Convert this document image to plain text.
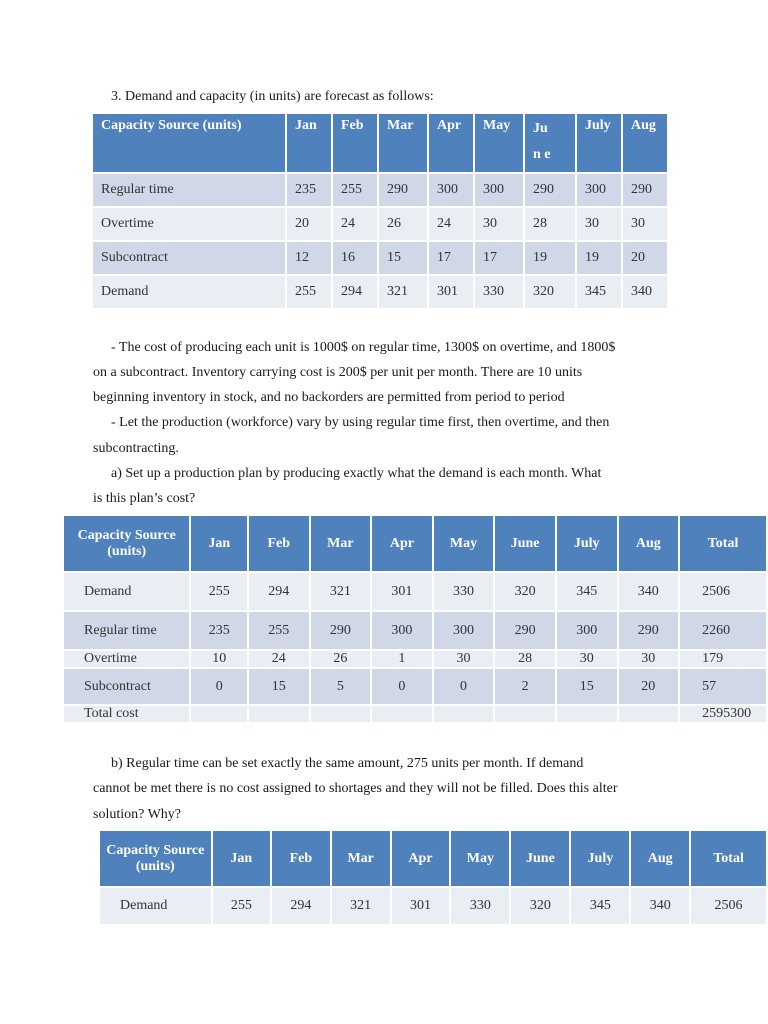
3. Demand and capacity (in units) are forecast as follows:
Capacity Source (units)	Jan	Feb	Mar	Apr	May	Jun e	July	Aug
Regular time	235	255	290	300	300	290	300	290
Overtime	20	24	26	24	30	28	30	30
Subcontract	12	16	15	17	17	19	19	20
Demand	255	294	321	301	330	320	345	340
- The cost of producing each unit is 1000$ on regular time, 1300$ on overtime, and 1800$
on a subcontract. Inventory carrying cost is 200$ per unit per month. There are 10 units
beginning inventory in stock, and no backorders are permitted from period to period
- Let the production (workforce) vary by using regular time first, then overtime, and then
subcontracting.
a) Set up a production plan by producing exactly what the demand is each month. What
is this plan’s cost?
Capacity Source (units)	Jan	Feb	Mar	Apr	May	June	July	Aug	Total
Demand	255	294	321	301	330	320	345	340	2506
Regular time	235	255	290	300	300	290	300	290	2260
Overtime	10	24	26	1	30	28	30	30	179
Subcontract	0	15	5	0	0	2	15	20	57
Total cost									2595300
b) Regular time can be set exactly the same amount, 275 units per month. If demand
cannot be met there is no cost assigned to shortages and they will not be filled. Does this alter
solution? Why?
Capacity Source (units)	Jan	Feb	Mar	Apr	May	June	July	Aug	Total
Demand	255	294	321	301	330	320	345	340	2506
